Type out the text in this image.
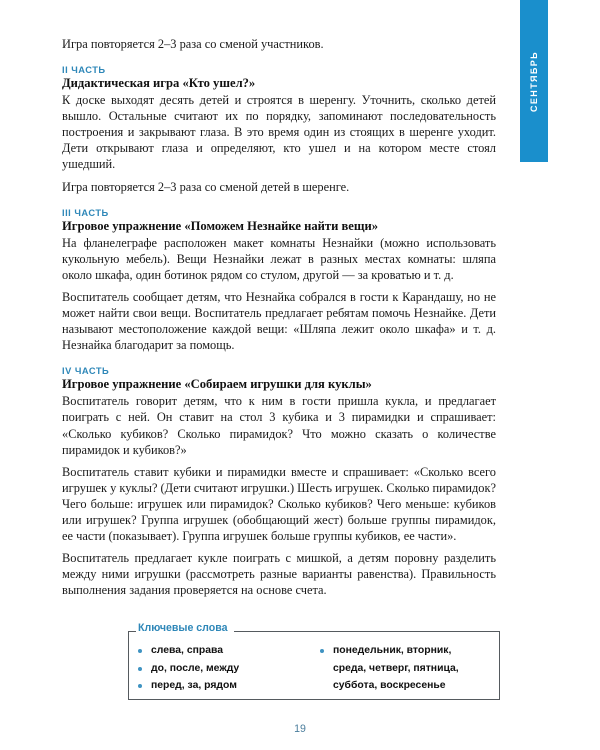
СЕНТЯБРЬ

Игра повторяется 2–3 раза со сменой участников.

II ЧАСТЬ
Дидактическая игра «Кто ушел?»

К доске выходят десять детей и строятся в шеренгу. Уточнить, сколько детей вышло. Остальные считают их по порядку, запоминают последовательность построения и закрывают глаза. В это время один из стоящих в шеренге уходит. Дети открывают глаза и определяют, кто ушел и на котором месте стоял ушедший.

Игра повторяется 2–3 раза со сменой детей в шеренге.

III ЧАСТЬ
Игровое упражнение «Поможем Незнайке найти вещи»

На фланелеграфе расположен макет комнаты Незнайки (можно использовать кукольную мебель). Вещи Незнайки лежат в разных местах комнаты: шляпа около шкафа, один ботинок рядом со стулом, другой — за кроватью и т. д.

Воспитатель сообщает детям, что Незнайка собрался в гости к Карандашу, но не может найти свои вещи. Воспитатель предлагает ребятам помочь Незнайке. Дети называют местоположение каждой вещи: «Шляпа лежит около шкафа» и т. д. Незнайка благодарит за помощь.

IV ЧАСТЬ
Игровое упражнение «Собираем игрушки для куклы»

Воспитатель говорит детям, что к ним в гости пришла кукла, и предлагает поиграть с ней. Он ставит на стол 3 кубика и 3 пирамидки и спрашивает: «Сколько кубиков? Сколько пирамидок? Что можно сказать о количестве пирамидок и кубиков?»

Воспитатель ставит кубики и пирамидки вместе и спрашивает: «Сколько всего игрушек у куклы? (Дети считают игрушки.) Шесть игрушек. Сколько пирамидок? Чего больше: игрушек или пирамидок? Сколько кубиков? Чего меньше: кубиков или игрушек? Группа игрушек (обобщающий жест) больше группы пирамидок, ее части (показывает). Группа игрушек больше группы кубиков, ее части».

Воспитатель предлагает кукле поиграть с мишкой, а детям поровну разделить между ними игрушки (рассмотреть разные варианты равенства). Правильность выполнения задания проверяется на основе счета.

Ключевые слова
слева, справа
до, после, между
перед, за, рядом
понедельник, вторник,
среда, четверг, пятница,
суббота, воскресенье
19
